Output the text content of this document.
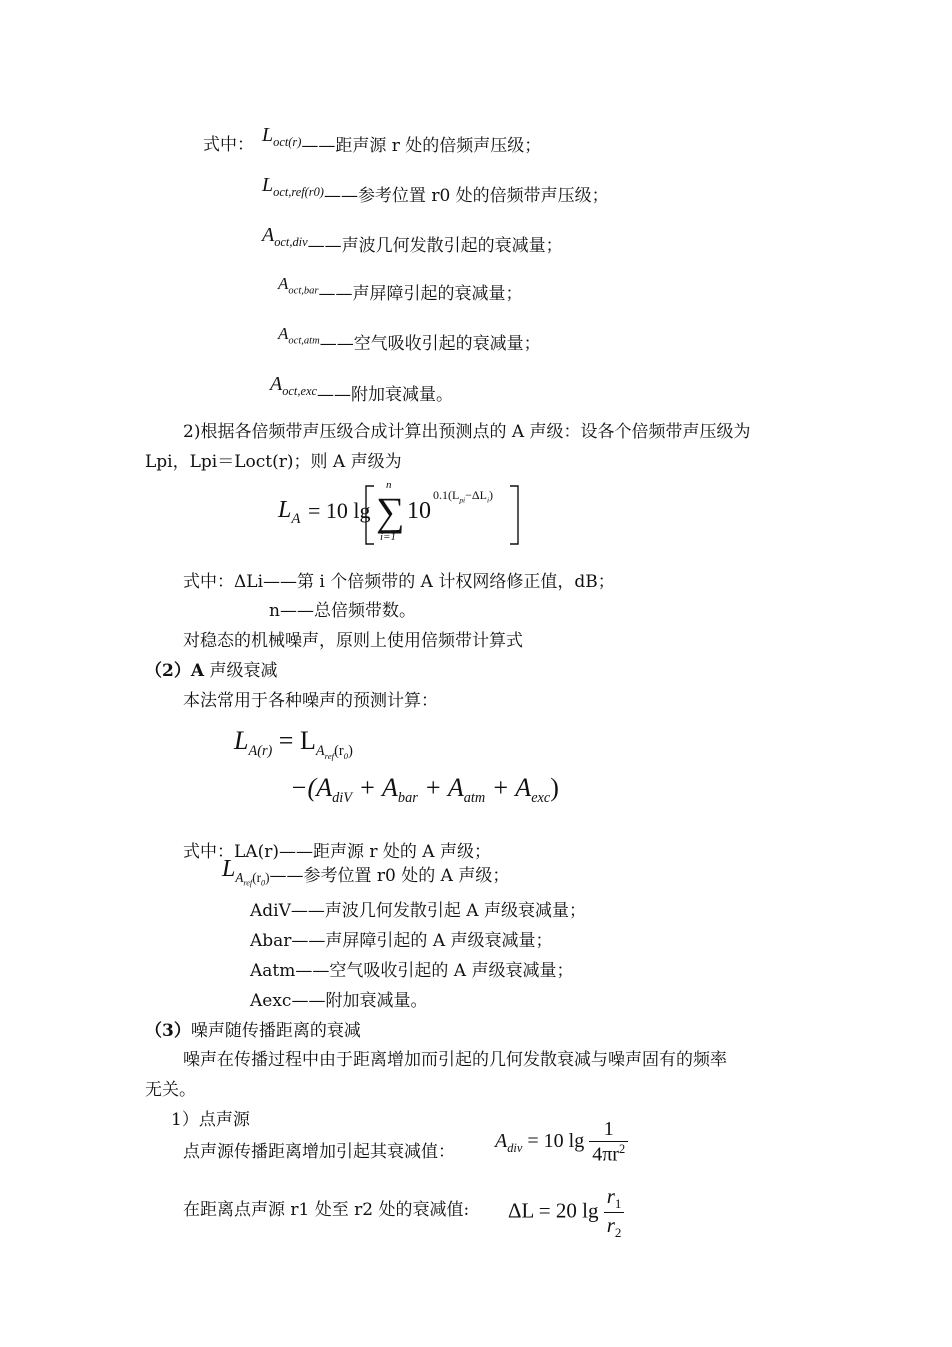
式中： $L_{oct(r)}——$距声源 r 处的倍频声压级；
$L_{oct,ref(r0)}——$参考位置 r0 处的倍频带声压级；
$A_{oct,div}——$声波几何发散引起的衰减量；
$A_{oct,bar}——$声屏障引起的衰减量；
$A_{oct,atm}——$空气吸收引起的衰减量；
$A_{oct,exc}——$附加衰减量。
2)根据各倍频带声压级合成计算出预测点的 A 声级：设各个倍频带声压级为
Lpi，Lpi＝Loct(r)；则 A 声级为
$L_A = 10$ lg ∑
n
i=1
10
$0.1(L_{pi}-\Delta L_i)$
式中：ΔLi——第 i 个倍频带的 A 计权网络修正值，dB；
n——总倍频带数。
对稳态的机械噪声，原则上使用倍频带计算式
（2）A 声级衰减
本法常用于各种噪声的预测计算：
$L_{A(r)} = L_{A_{ref}(r_0)}$
$-(A_{diV} + A_{bar} + A_{atm} + A_{exc})$
式中：LA(r)——距声源 r 处的 A 声级；
$L_{A_{ref}(r_0)}——$参考位置 r0 处的 A 声级；
AdiV——声波几何发散引起 A 声级衰减量；
Abar——声屏障引起的 A 声级衰减量；
Aatm——空气吸收引起的 A 声级衰减量；
Aexc——附加衰减量。
（3）噪声随传播距离的衰减
噪声在传播过程中由于距离增加而引起的几何发散衰减与噪声固有的频率
无关。
1）点声源
点声源传播距离增加引起其衰减值：
$A_{div} = 10$ $\lg \frac{1}{4\pi r^2}$
在距离点声源 r1 处至 r2 处的衰减值: ΔL = 20 $\lg \frac{r_1}{r_2}$
